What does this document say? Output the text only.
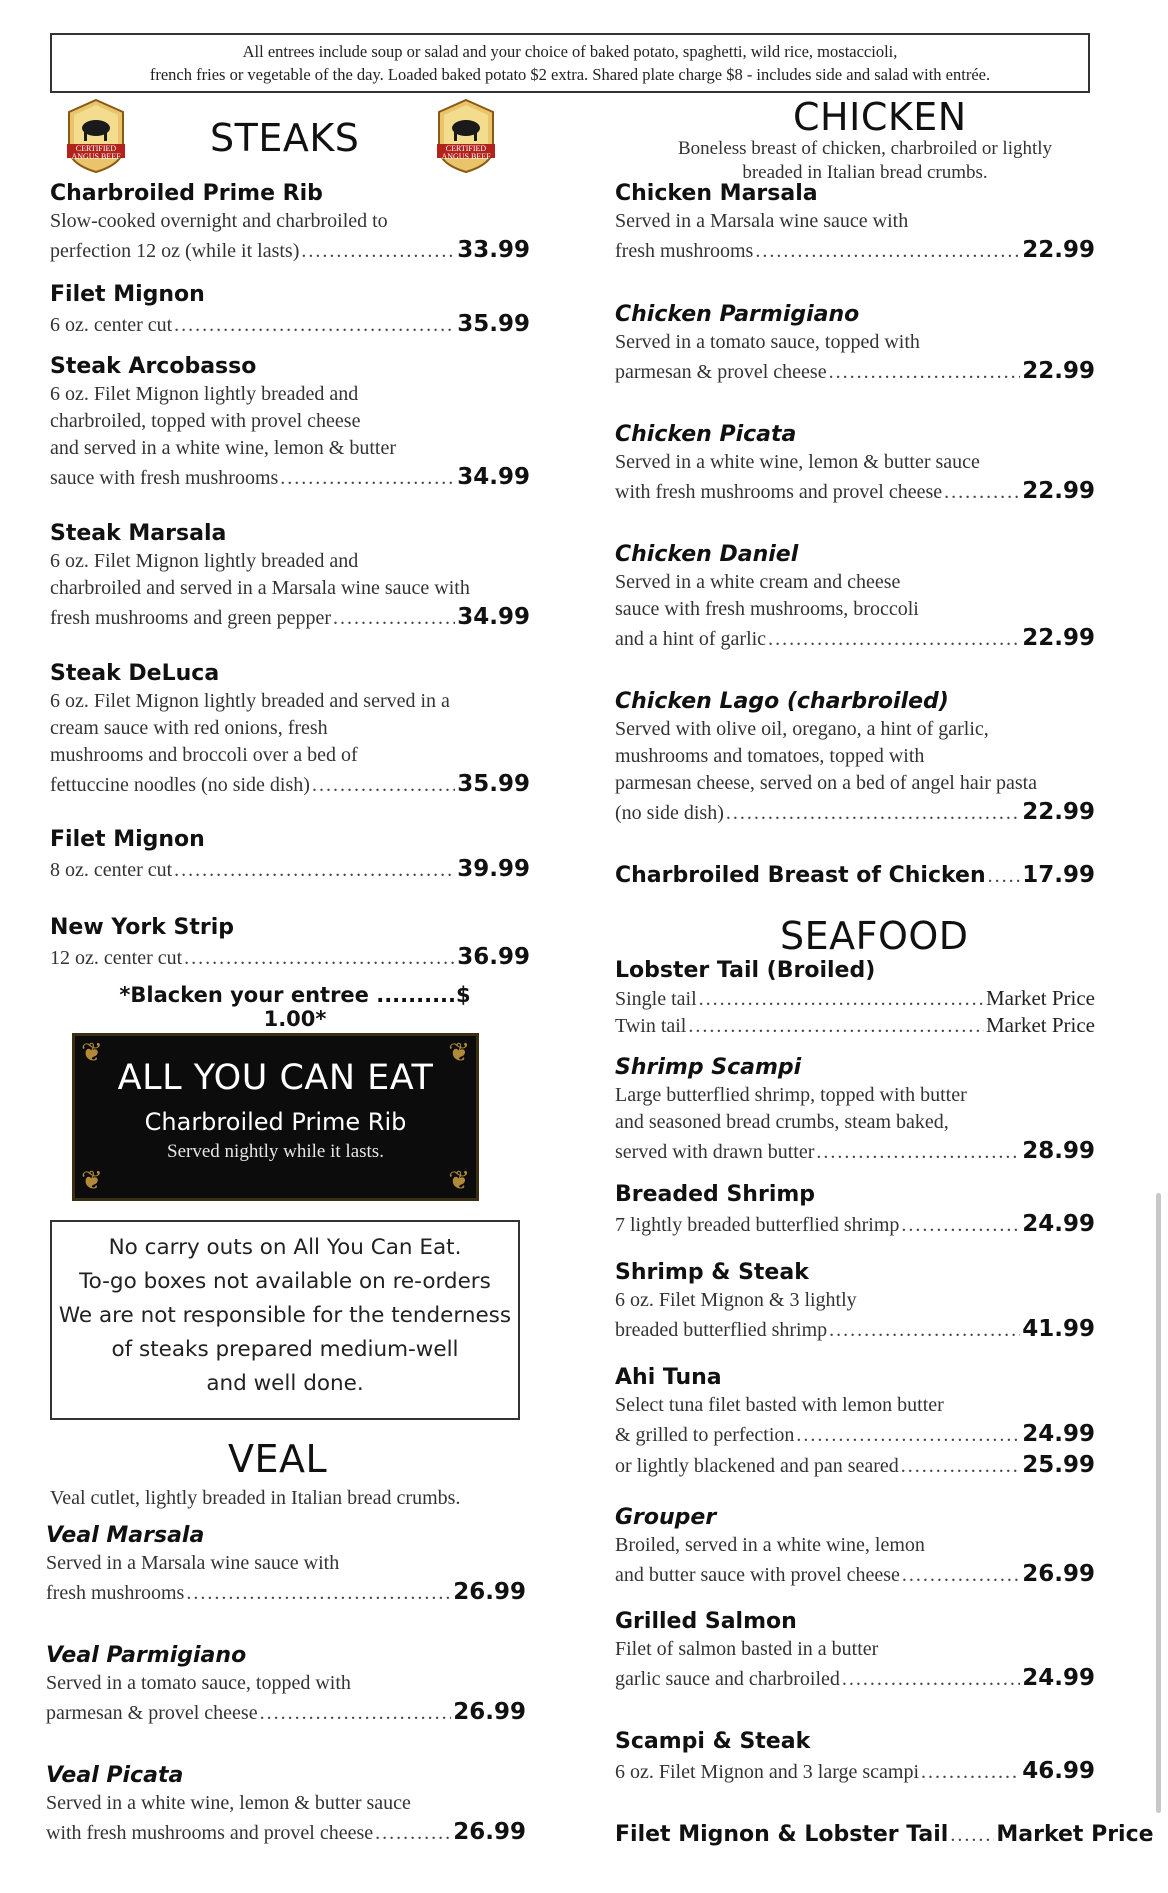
All entrees include soup or salad and your choice of baked potato, spaghetti, wild rice, mostaccioli,
french fries or vegetable of the day. Loaded baked potato $2 extra. Shared plate charge $8 - includes side and salad with entrée.
CERTIFIED
ANGUS BEEF
CERTIFIED
ANGUS BEEF
STEAKS
Charbroiled Prime Rib
Slow-cooked overnight and charbroiled to
perfection 12 oz (while it lasts) .....	33.99
Filet Mignon
6 oz. center cut .....	35.99
Steak Arcobasso
6 oz. Filet Mignon lightly breaded and
charbroiled, topped with provel cheese
and served in a white wine, lemon & butter
sauce with fresh mushrooms .....	34.99
Steak Marsala
6 oz. Filet Mignon lightly breaded and
charbroiled and served in a Marsala wine sauce with
fresh mushrooms and green pepper .....	34.99
Steak DeLuca
6 oz. Filet Mignon lightly breaded and served in a
cream sauce with red onions, fresh
mushrooms and broccoli over a bed of
fettuccine noodles (no side dish) .....	35.99
Filet Mignon
8 oz. center cut .....	39.99
New York Strip
12 oz. center cut .....	36.99
*Blacken your entree ..........$ 1.00*
VEAL
Veal cutlet, lightly breaded in Italian bread crumbs.
Veal Marsala
Served in a Marsala wine sauce with
fresh mushrooms .....	26.99
Veal Parmigiano
Served in a tomato sauce, topped with
parmesan & provel cheese .....	26.99
Veal Picata
Served in a white wine, lemon & butter sauce
with fresh mushrooms and provel cheese .....	26.99
❦	❦
❦	❦
ALL YOU CAN EAT
Charbroiled Prime Rib
Served nightly while it lasts.
No carry outs on All You Can Eat.
To-go boxes not available on re-orders
We are not responsible for the tenderness
of steaks prepared medium-well
and well done.
CHICKEN
Boneless breast of chicken, charbroiled or lightly
breaded in Italian bread crumbs.
Chicken Marsala
Served in a Marsala wine sauce with
fresh mushrooms .....	22.99
Chicken Parmigiano
Served in a tomato sauce, topped with
parmesan & provel cheese .....	22.99
Chicken Picata
Served in a white wine, lemon & butter sauce
with fresh mushrooms and provel cheese .....	22.99
Chicken Daniel
Served in a white cream and cheese
sauce with fresh mushrooms, broccoli
and a hint of garlic .....	22.99
Chicken Lago (charbroiled)
Served with olive oil, oregano, a hint of garlic,
mushrooms and tomatoes, topped with
parmesan cheese, served on a bed of angel hair pasta
(no side dish) .....	22.99
Charbroiled Breast of Chicken ..... 17.99
SEAFOOD
Lobster Tail (Broiled)
Single tail .....	Market Price
Twin tail .....	Market Price
Shrimp Scampi
Large butterflied shrimp, topped with butter
and seasoned bread crumbs, steam baked,
served with drawn butter .....	28.99
Breaded Shrimp
7 lightly breaded butterflied shrimp .....	24.99
Shrimp & Steak
6 oz. Filet Mignon & 3 lightly
breaded butterflied shrimp .....	41.99
Ahi Tuna
Select tuna filet basted with lemon butter
& grilled to perfection .....	24.99
or lightly blackened and pan seared .....	25.99
Grouper
Broiled, served in a white wine, lemon
and butter sauce with provel cheese .....	26.99
Grilled Salmon
Filet of salmon basted in a butter
garlic sauce and charbroiled .....	24.99
Scampi & Steak
6 oz. Filet Mignon and 3 large scampi .....	46.99
Filet Mignon & Lobster Tail ..... Market Price
